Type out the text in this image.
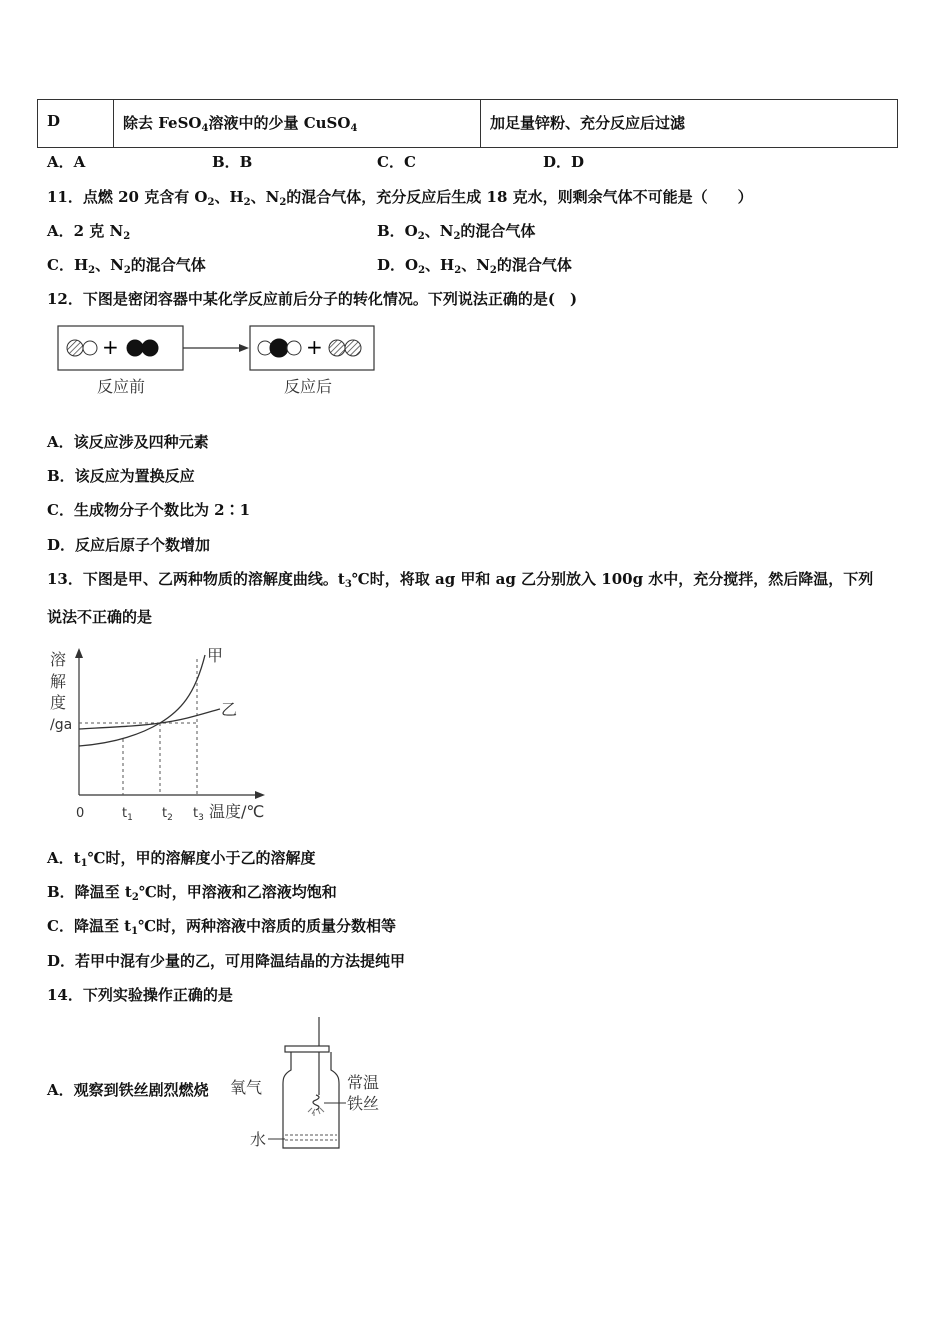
D	除去 FeSO$_4$溶液中的少量 CuSO$_4$	加足量锌粉、充分反应后过滤
A．A	B．B	C．C	D．D
11．点燃 20 克含有 $O_2$、$H_2$、$N_2$的混合气体，充分反应后生成 18 克水，则剩余气体不可能是（　　）
A．2 克 $N_2$	B．$O_2$、$N_2$的混合气体
C．$H_2$、$N_2$的混合气体	D．$O_2$、$H_2$、$N_2$的混合气体
12．下图是密闭容器中某化学反应前后分子的转化情况。下列说法正确的是(　)
+	+
反应前	反应后
A．该反应涉及四种元素
B．该反应为置换反应
C．生成物分子个数比为 2∶1
D．反应后原子个数增加
13．下图是甲、乙两种物质的溶解度曲线。$t_3℃$时，将取 ag 甲和 ag 乙分别放入 100g 水中，充分搅拌，然后降温，下列
说法不正确的是
溶
解
度
/ga
甲
乙
0	$t_1$ $t_2$ $t_3$ 温度/℃
A．$t_1℃$时，甲的溶解度小于乙的溶解度
B．降温至 $t_2℃$时，甲溶液和乙溶液均饱和
C．降温至 $t_1℃$时，两种溶液中溶质的质量分数相等
D．若甲中混有少量的乙，可用降温结晶的方法提纯甲
14．下列实验操作正确的是
A．观察到铁丝剧烈燃烧 氧气	常温
铁丝
水
